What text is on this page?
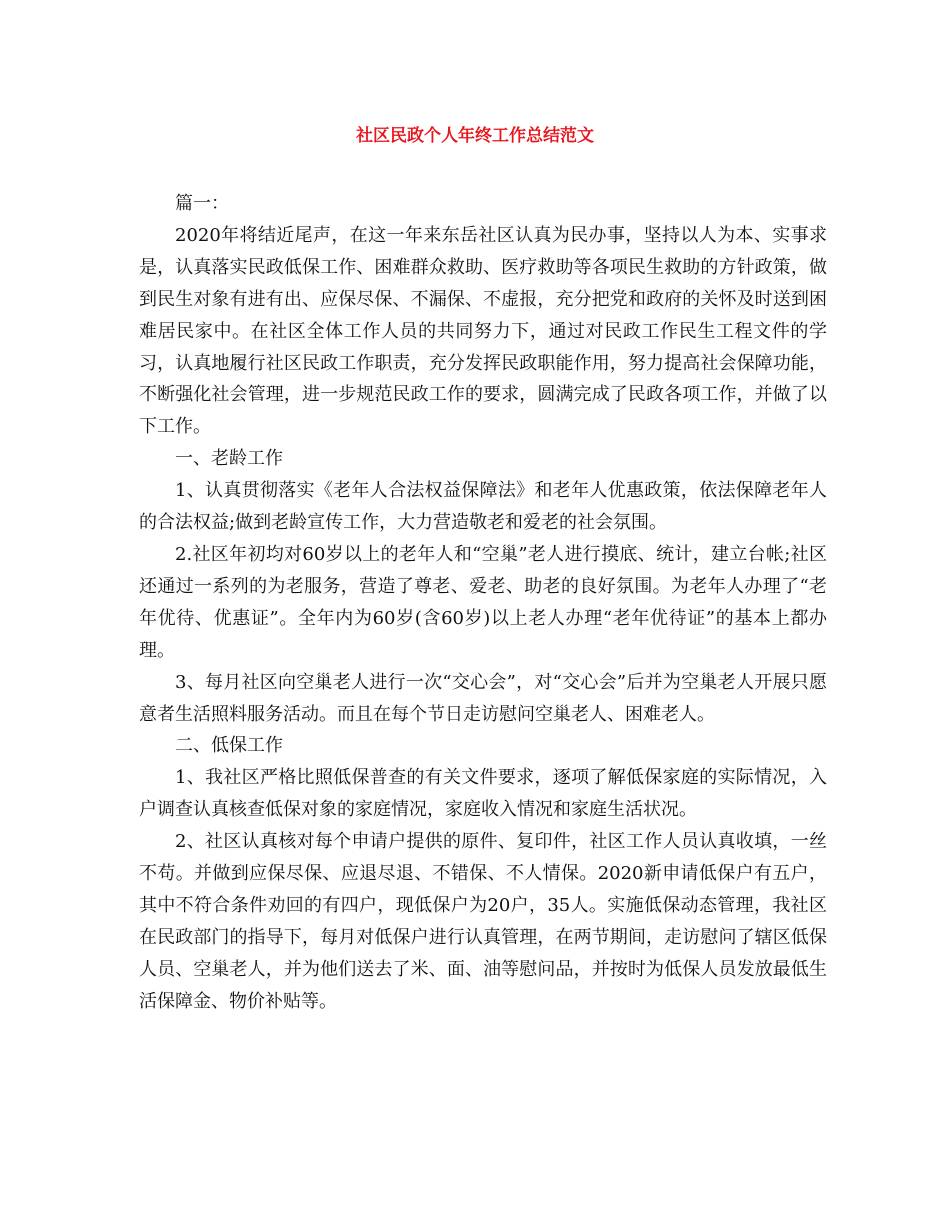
社区民政个人年终工作总结范文

篇一：

2020年将结近尾声，在这一年来东岳社区认真为民办事，坚持以人为本、实事求是，认真落实民政低保工作、困难群众救助、医疗救助等各项民生救助的方针政策，做到民生对象有进有出、应保尽保、不漏保、不虚报，充分把党和政府的关怀及时送到困难居民家中。在社区全体工作人员的共同努力下，通过对民政工作民生工程文件的学习，认真地履行社区民政工作职责，充分发挥民政职能作用，努力提高社会保障功能，不断强化社会管理，进一步规范民政工作的要求，圆满完成了民政各项工作，并做了以下工作。

一、老龄工作

1、认真贯彻落实《老年人合法权益保障法》和老年人优惠政策，依法保障老年人的合法权益;做到老龄宣传工作，大力营造敬老和爱老的社会氛围。

2.社区年初均对60岁以上的老年人和“空巢”老人进行摸底、统计，建立台帐;社区还通过一系列的为老服务，营造了尊老、爱老、助老的良好氛围。为老年人办理了“老年优待、优惠证”。全年内为60岁(含60岁)以上老人办理“老年优待证”的基本上都办理。

3、每月社区向空巢老人进行一次“交心会”，对“交心会”后并为空巢老人开展只愿意者生活照料服务活动。而且在每个节日走访慰问空巢老人、困难老人。

二、低保工作

1、我社区严格比照低保普查的有关文件要求，逐项了解低保家庭的实际情况，入户调查认真核查低保对象的家庭情况，家庭收入情况和家庭生活状况。

2、社区认真核对每个申请户提供的原件、复印件，社区工作人员认真收填，一丝不苟。并做到应保尽保、应退尽退、不错保、不人情保。2020新申请低保户有五户，其中不符合条件劝回的有四户，现低保户为20户，35人。实施低保动态管理，我社区在民政部门的指导下，每月对低保户进行认真管理，在两节期间，走访慰问了辖区低保人员、空巢老人，并为他们送去了米、面、油等慰问品，并按时为低保人员发放最低生活保障金、物价补贴等。
